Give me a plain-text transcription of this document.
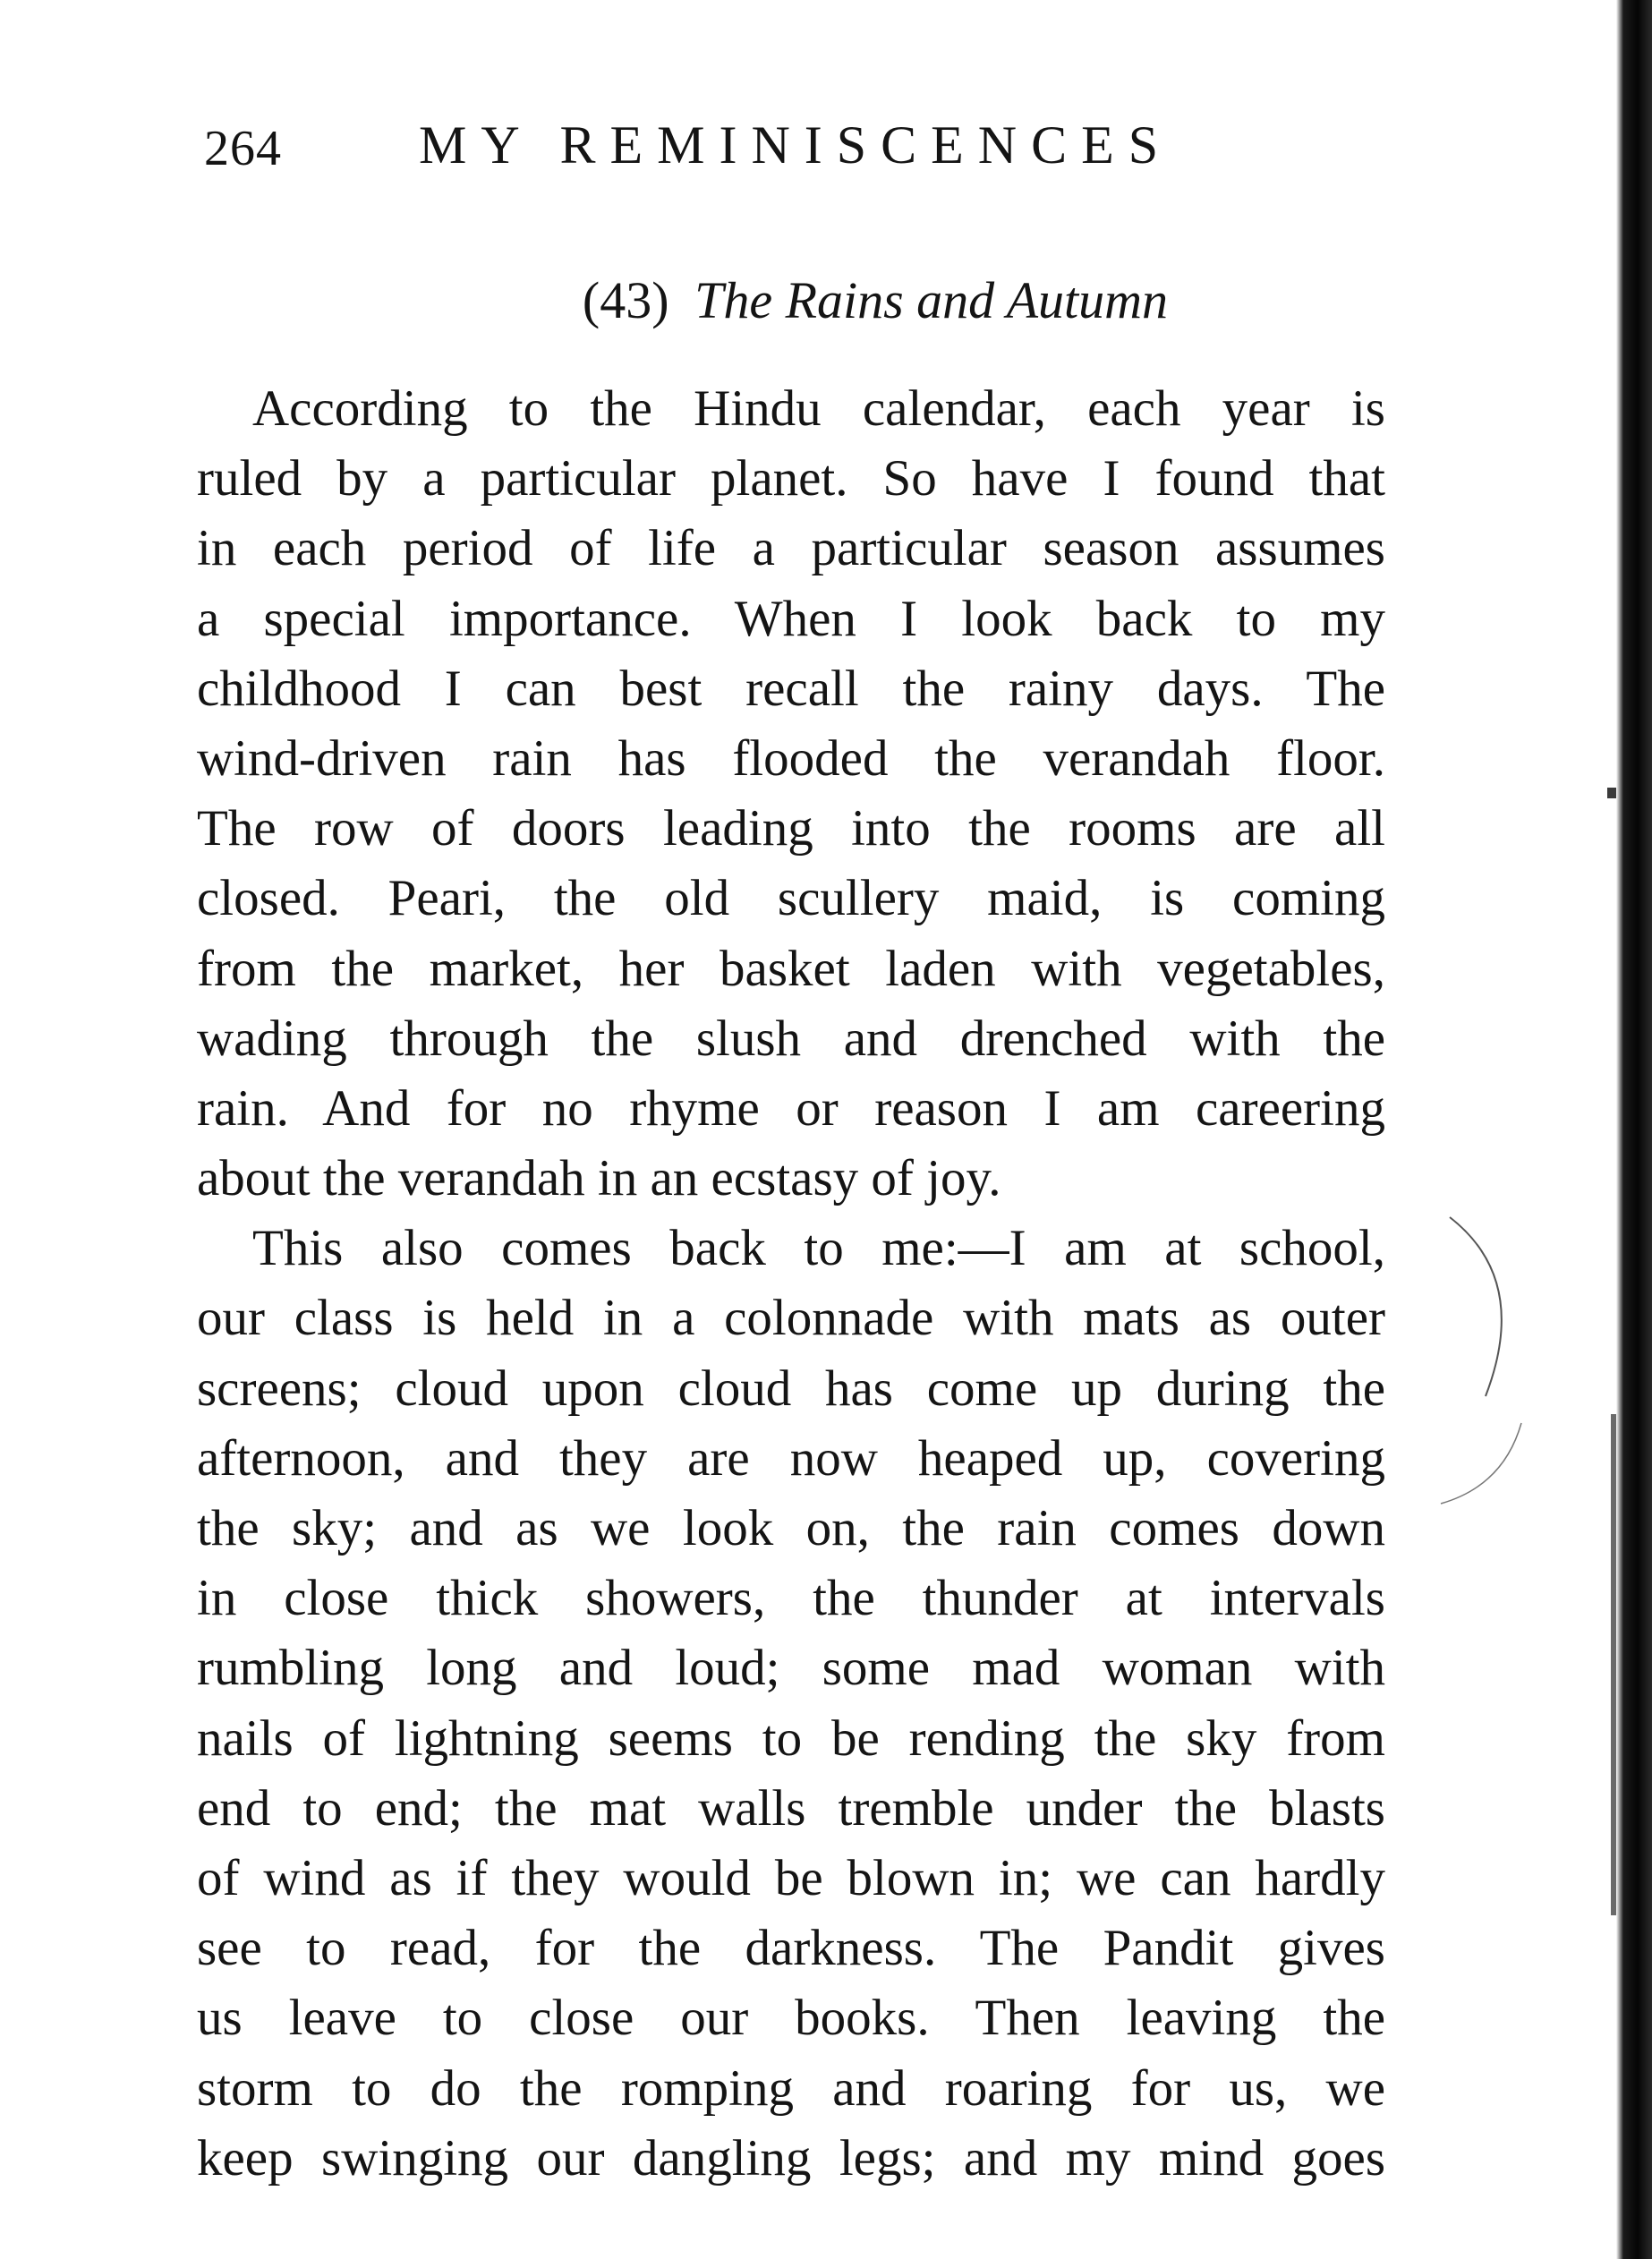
264	MY REMINISCENCES
(43) The Rains and Autumn
According to the Hindu calendar, each year is
ruled by a particular planet. So have I found that
in each period of life a particular season assumes
a special importance. When I look back to my
childhood I can best recall the rainy days. The
wind-driven rain has flooded the verandah floor.
The row of doors leading into the rooms are all
closed. Peari, the old scullery maid, is coming
from the market, her basket laden with vegetables,
wading through the slush and drenched with the
rain. And for no rhyme or reason I am careering
about the verandah in an ecstasy of joy.
This also comes back to me:—I am at school,
our class is held in a colonnade with mats as outer
screens; cloud upon cloud has come up during the
afternoon, and they are now heaped up, covering
the sky; and as we look on, the rain comes down
in close thick showers, the thunder at intervals
rumbling long and loud; some mad woman with
nails of lightning seems to be rending the sky from
end to end; the mat walls tremble under the blasts
of wind as if they would be blown in; we can hardly
see to read, for the darkness. The Pandit gives
us leave to close our books. Then leaving the
storm to do the romping and roaring for us, we
keep swinging our dangling legs; and my mind goes
